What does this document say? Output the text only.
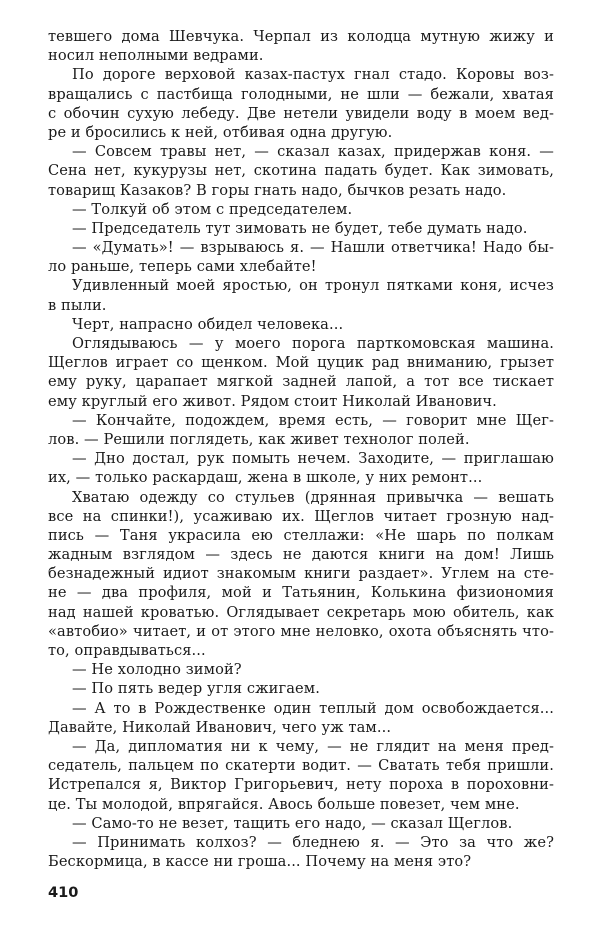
тевшего дома Шевчука. Черпал из колодца мутную жижу и
носил неполными ведрами.
По дороге верховой казах-пастух гнал стадо. Коровы воз-
вращались с пастбища голодными, не шли — бежали, хватая
с обочин сухую лебеду. Две нетели увидели воду в моем вед-
ре и бросились к ней, отбивая одна другую.
— Совсем травы нет, — сказал казах, придержав коня. —
Сена нет, кукурузы нет, скотина падать будет. Как зимовать,
товарищ Казаков? В горы гнать надо, бычков резать надо.
— Толкуй об этом с председателем.
— Председатель тут зимовать не будет, тебе думать надо.
— «Думать»! — взрываюсь я. — Нашли ответчика! Надо бы-
ло раньше, теперь сами хлебайте!
Удивленный моей яростью, он тронул пятками коня, исчез
в пыли.
Черт, напрасно обидел человека...
Оглядываюсь — у моего порога парткомовская машина.
Щеглов играет со щенком. Мой цуцик рад вниманию, грызет
ему руку, царапает мягкой задней лапой, а тот все тискает
ему круглый его живот. Рядом стоит Николай Иванович.
— Кончайте, подождем, время есть, — говорит мне Щег-
лов. — Решили поглядеть, как живет технолог полей.
— Дно достал, рук помыть нечем. Заходите, — приглашаю
их, — только раскардаш, жена в школе, у них ремонт...
Хватаю одежду со стульев (дрянная привычка — вешать
все на спинки!), усаживаю их. Щеглов читает грозную над-
пись — Таня украсила ею стеллажи: «Не шарь по полкам
жадным взглядом — здесь не даются книги на дом! Лишь
безнадежный идиот знакомым книги раздает». Углем на сте-
не — два профиля, мой и Татьянин, Колькина физиономия
над нашей кроватью. Оглядывает секретарь мою обитель, как
«автобио» читает, и от этого мне неловко, охота объяснять что-
то, оправдываться...
— Не холодно зимой?
— По пять ведер угля сжигаем.
— А то в Рождественке один теплый дом освобождается...
Давайте, Николай Иванович, чего уж там...
— Да, дипломатия ни к чему, — не глядит на меня пред-
седатель, пальцем по скатерти водит. — Сватать тебя пришли.
Истрепался я, Виктор Григорьевич, нету пороха в пороховни-
це. Ты молодой, впрягайся. Авось больше повезет, чем мне.
— Само-то не везет, тащить его надо, — сказал Щеглов.
— Принимать колхоз? — бледнею я. — Это за что же?
Бескормица, в кассе ни гроша... Почему на меня это?
410
